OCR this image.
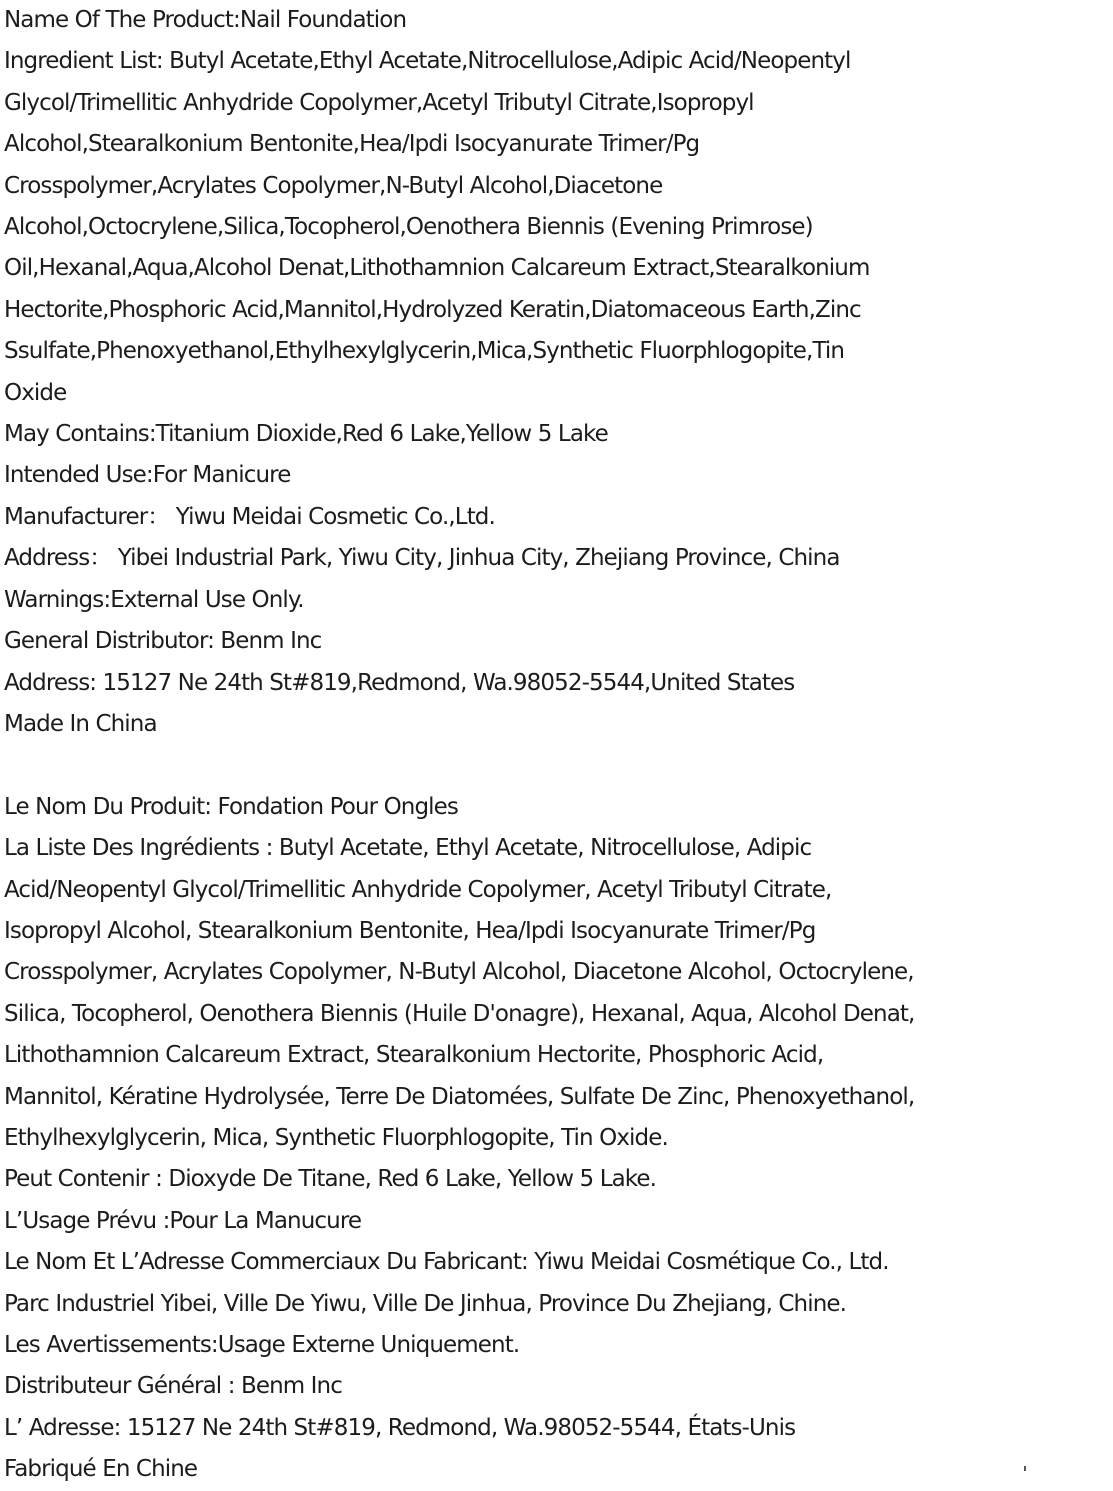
Name Of The Product:Nail Foundation

Ingredient List: Butyl Acetate,Ethyl Acetate,Nitrocellulose,Adipic Acid/Neopentyl

Glycol/Trimellitic Anhydride Copolymer,Acetyl Tributyl Citrate,Isopropyl

Alcohol,Stearalkonium Bentonite,Hea/Ipdi Isocyanurate Trimer/Pg

Crosspolymer,Acrylates Copolymer,N-Butyl Alcohol,Diacetone

Alcohol,Octocrylene,Silica,Tocopherol,Oenothera Biennis (Evening Primrose)

Oil,Hexanal,Aqua,Alcohol Denat,Lithothamnion Calcareum Extract,Stearalkonium

Hectorite,Phosphoric Acid,Mannitol,Hydrolyzed Keratin,Diatomaceous Earth,Zinc

Ssulfate,Phenoxyethanol,Ethylhexylglycerin,Mica,Synthetic Fluorphlogopite,Tin

Oxide

May Contains:Titanium Dioxide,Red 6 Lake,Yellow 5 Lake

Intended Use:For Manicure

Manufacturer： Yiwu Meidai Cosmetic Co.,Ltd.

Address： Yibei Industrial Park, Yiwu City, Jinhua City, Zhejiang Province, China

Warnings:External Use Only.

General Distributor: Benm Inc

Address: 15127 Ne 24th St#819,Redmond, Wa.98052-5544,United States

Made In China

Le Nom Du Produit: Fondation Pour Ongles

La Liste Des Ingrédients : Butyl Acetate, Ethyl Acetate, Nitrocellulose, Adipic

Acid/Neopentyl Glycol/Trimellitic Anhydride Copolymer, Acetyl Tributyl Citrate,

Isopropyl Alcohol, Stearalkonium Bentonite, Hea/Ipdi Isocyanurate Trimer/Pg

Crosspolymer, Acrylates Copolymer, N-Butyl Alcohol, Diacetone Alcohol, Octocrylene,

Silica, Tocopherol, Oenothera Biennis (Huile D'onagre), Hexanal, Aqua, Alcohol Denat,

Lithothamnion Calcareum Extract, Stearalkonium Hectorite, Phosphoric Acid,

Mannitol, Kératine Hydrolysée, Terre De Diatomées, Sulfate De Zinc, Phenoxyethanol,

Ethylhexylglycerin, Mica, Synthetic Fluorphlogopite, Tin Oxide.

Peut Contenir : Dioxyde De Titane, Red 6 Lake, Yellow 5 Lake.

L’Usage Prévu :Pour La Manucure

Le Nom Et L’Adresse Commerciaux Du Fabricant: Yiwu Meidai Cosmétique Co., Ltd.

Parc Industriel Yibei, Ville De Yiwu, Ville De Jinhua, Province Du Zhejiang, Chine.

Les Avertissements:Usage Externe Uniquement.

Distributeur Général : Benm Inc

L’ Adresse: 15127 Ne 24th St#819, Redmond, Wa.98052-5544, États-Unis

Fabriqué En Chine
